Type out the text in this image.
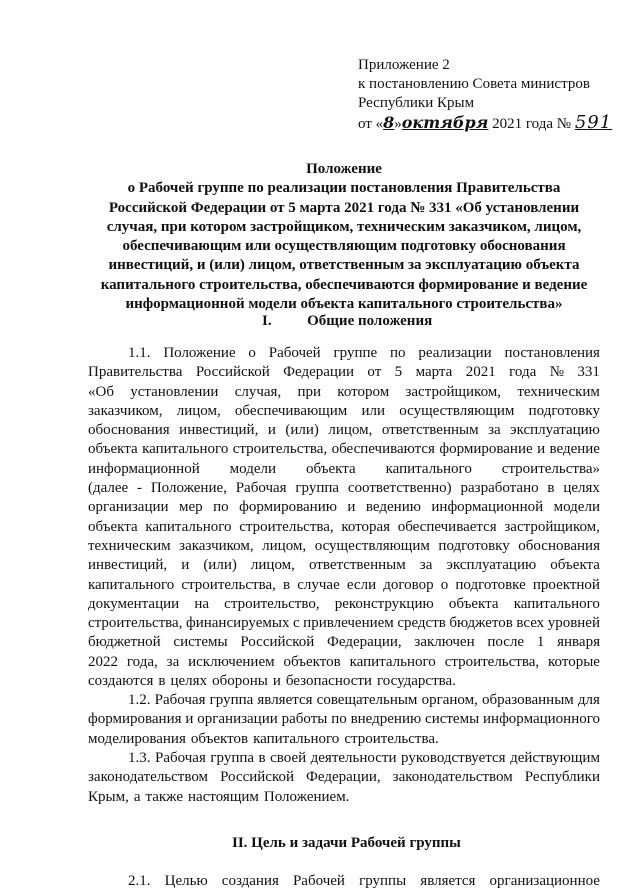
Приложение 2
к постановлению Совета министров
Республики Крым
от «8»октября 2021 года № 591
Положение
о Рабочей группе по реализации постановления Правительства
Российской Федерации от 5 марта 2021 года № 331 «Об установлении
случая, при котором застройщиком, техническим заказчиком, лицом,
обеспечивающим или осуществляющим подготовку обоснования
инвестиций, и (или) лицом, ответственным за эксплуатацию объекта
капитального строительства, обеспечиваются формирование и ведение
информационной модели объекта капитального строительства»
I. Общие положения
1.1. Положение о Рабочей группе по реализации постановления
Правительства Российской Федерации от 5 марта 2021 года № 331
«Об установлении случая, при котором застройщиком, техническим
заказчиком, лицом, обеспечивающим или осуществляющим подготовку
обоснования инвестиций, и (или) лицом, ответственным за эксплуатацию
объекта капитального строительства, обеспечиваются формирование и ведение
информационной модели объекта капитального строительства»
(далее - Положение, Рабочая группа соответственно) разработано в целях
организации мер по формированию и ведению информационной модели
объекта капитального строительства, которая обеспечивается застройщиком,
техническим заказчиком, лицом, осуществляющим подготовку обоснования
инвестиций, и (или) лицом, ответственным за эксплуатацию объекта
капитального строительства, в случае если договор о подготовке проектной
документации на строительство, реконструкцию объекта капитального
строительства, финансируемых с привлечением средств бюджетов всех уровней
бюджетной системы Российской Федерации, заключен после 1 января
2022 года, за исключением объектов капитального строительства, которые
создаются в целях обороны и безопасности государства.
1.2. Рабочая группа является совещательным органом, образованным для
формирования и организации работы по внедрению системы информационного
моделирования объектов капитального строительства.
1.3. Рабочая группа в своей деятельности руководствуется действующим
законодательством Российской Федерации, законодательством Республики
Крым, а также настоящим Положением.
II. Цель и задачи Рабочей группы
2.1. Целью создания Рабочей группы является организационное
